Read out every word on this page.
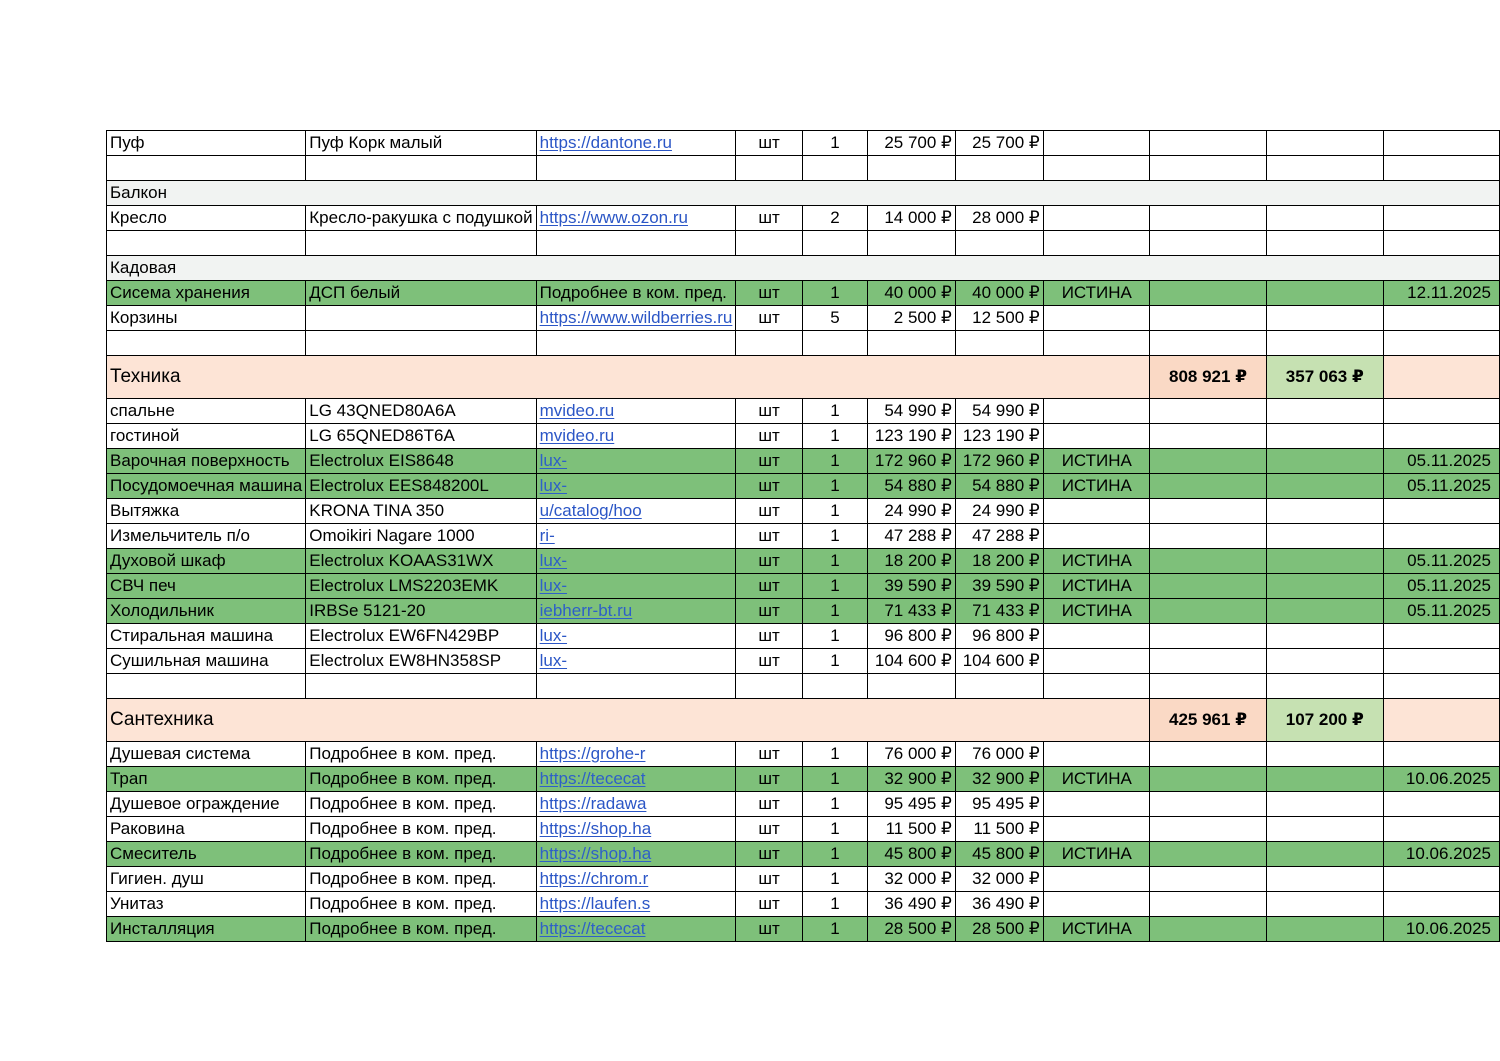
Пуф	Пуф Корк малый	https://dantone.ru	шт	1	25 700 ₽	25 700 ₽				

Балкон										
Кресло	Кресло-ракушка с подушкой	https://www.ozon.ru	шт	2	14 000 ₽	28 000 ₽				

Кадовая										
Сисема хранения	ДСП белый	Подробнее в ком. пред.	шт	1	40 000 ₽	40 000 ₽	ИСТИНА			12.11.2025
Корзины		https://www.wildberries.ru	шт	5	2 500 ₽	12 500 ₽				

Техника								808 921 ₽	357 063 ₽	
спальне	LG 43QNED80A6A	mvideo.ru	шт	1	54 990 ₽	54 990 ₽				
гостиной	LG 65QNED86T6A	mvideo.ru	шт	1	123 190 ₽	123 190 ₽				
Варочная поверхность	Electrolux EIS8648	lux-	шт	1	172 960 ₽	172 960 ₽	ИСТИНА			05.11.2025
Посудомоечная машина	Electrolux EES848200L	lux-	шт	1	54 880 ₽	54 880 ₽	ИСТИНА			05.11.2025
Вытяжка	KRONA TINA 350	u/catalog/hoo	шт	1	24 990 ₽	24 990 ₽				
Измельчитель п/о	Omoikiri Nagare 1000	ri-	шт	1	47 288 ₽	47 288 ₽				
Духовой шкаф	Electrolux KOAAS31WX	lux-	шт	1	18 200 ₽	18 200 ₽	ИСТИНА			05.11.2025
СВЧ печ	Electrolux LMS2203EMK	lux-	шт	1	39 590 ₽	39 590 ₽	ИСТИНА			05.11.2025
Холодильник	IRBSe 5121-20	iebherr-bt.ru	шт	1	71 433 ₽	71 433 ₽	ИСТИНА			05.11.2025
Стиральная машина	Electrolux EW6FN429BP	lux-	шт	1	96 800 ₽	96 800 ₽				
Сушильная машина	Electrolux EW8HN358SP	lux-	шт	1	104 600 ₽	104 600 ₽				

Сантехника								425 961 ₽	107 200 ₽	
Душевая система	Подробнее в ком. пред.	https://grohe-r	шт	1	76 000 ₽	76 000 ₽				
Трап	Подробнее в ком. пред.	https://tececat	шт	1	32 900 ₽	32 900 ₽	ИСТИНА			10.06.2025
Душевое ограждение	Подробнее в ком. пред.	https://radawa	шт	1	95 495 ₽	95 495 ₽				
Раковина	Подробнее в ком. пред.	https://shop.ha	шт	1	11 500 ₽	11 500 ₽				
Смеситель	Подробнее в ком. пред.	https://shop.ha	шт	1	45 800 ₽	45 800 ₽	ИСТИНА			10.06.2025
Гигиен. душ	Подробнее в ком. пред.	https://chrom.r	шт	1	32 000 ₽	32 000 ₽				
Унитаз	Подробнее в ком. пред.	https://laufen.s	шт	1	36 490 ₽	36 490 ₽				
Инсталляция	Подробнее в ком. пред.	https://tececat	шт	1	28 500 ₽	28 500 ₽	ИСТИНА			10.06.2025
